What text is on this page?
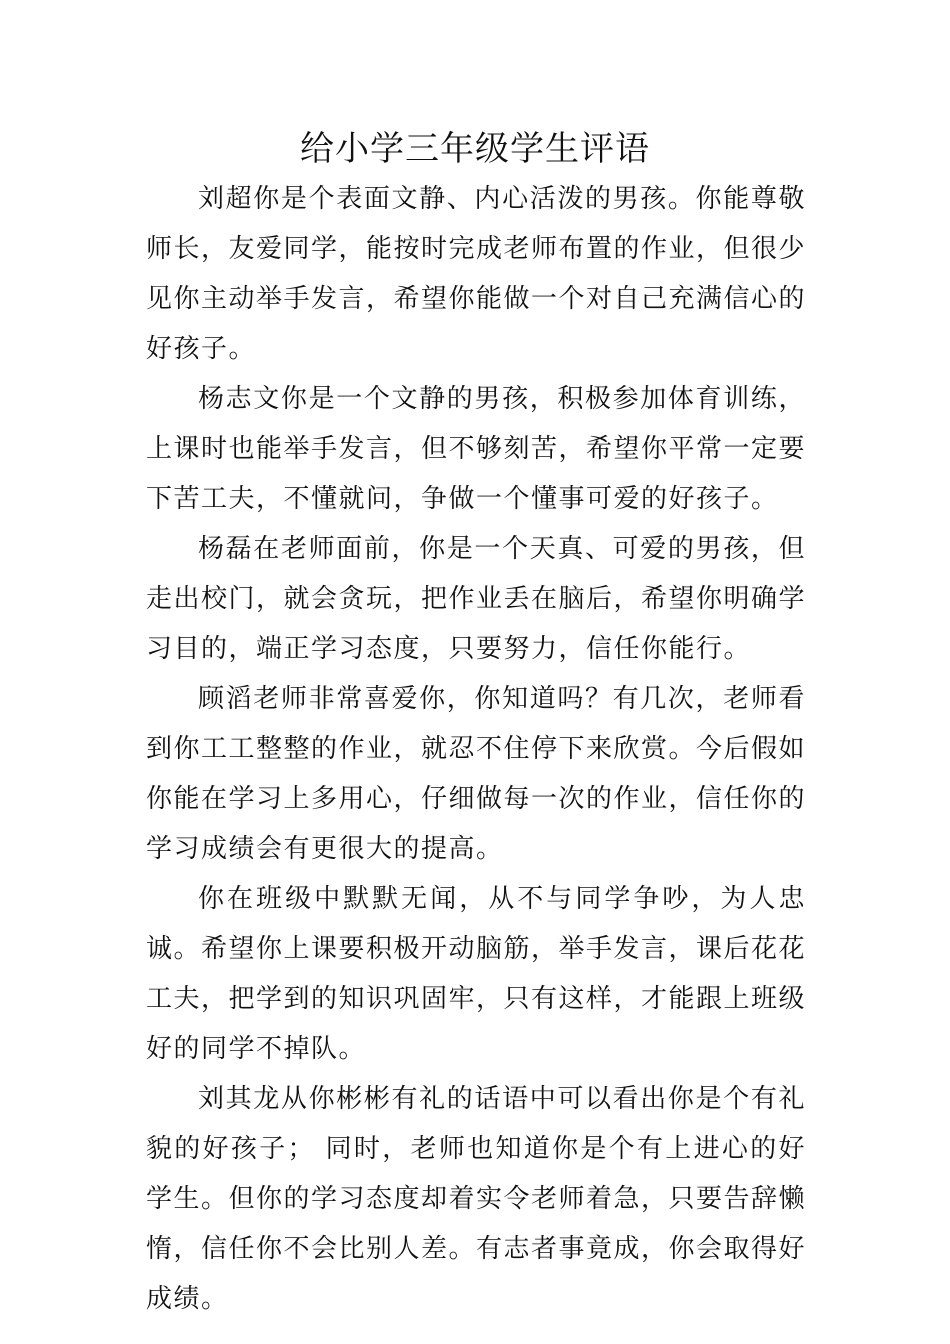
给小学三年级学生评语

刘超你是个表面文静、内心活泼的男孩。你能尊敬师长，友爱同学，能按时完成老师布置的作业，但很少见你主动举手发言，希望你能做一个对自己充满信心的好孩子。

杨志文你是一个文静的男孩，积极参加体育训练，上课时也能举手发言，但不够刻苦，希望你平常一定要下苦工夫，不懂就问，争做一个懂事可爱的好孩子。

杨磊在老师面前，你是一个天真、可爱的男孩，但走出校门，就会贪玩，把作业丢在脑后，希望你明确学习目的，端正学习态度，只要努力，信任你能行。

顾滔老师非常喜爱你，你知道吗？有几次，老师看到你工工整整的作业，就忍不住停下来欣赏。今后假如你能在学习上多用心，仔细做每一次的作业，信任你的学习成绩会有更很大的提高。

你在班级中默默无闻，从不与同学争吵，为人忠诚。希望你上课要积极开动脑筋，举手发言，课后花花工夫，把学到的知识巩固牢，只有这样，才能跟上班级好的同学不掉队。

刘其龙从你彬彬有礼的话语中可以看出你是个有礼貌的好孩子； 同时，老师也知道你是个有上进心的好学生。但你的学习态度却着实令老师着急，只要告辞懒惰，信任你不会比别人差。有志者事竟成，你会取得好成绩。
